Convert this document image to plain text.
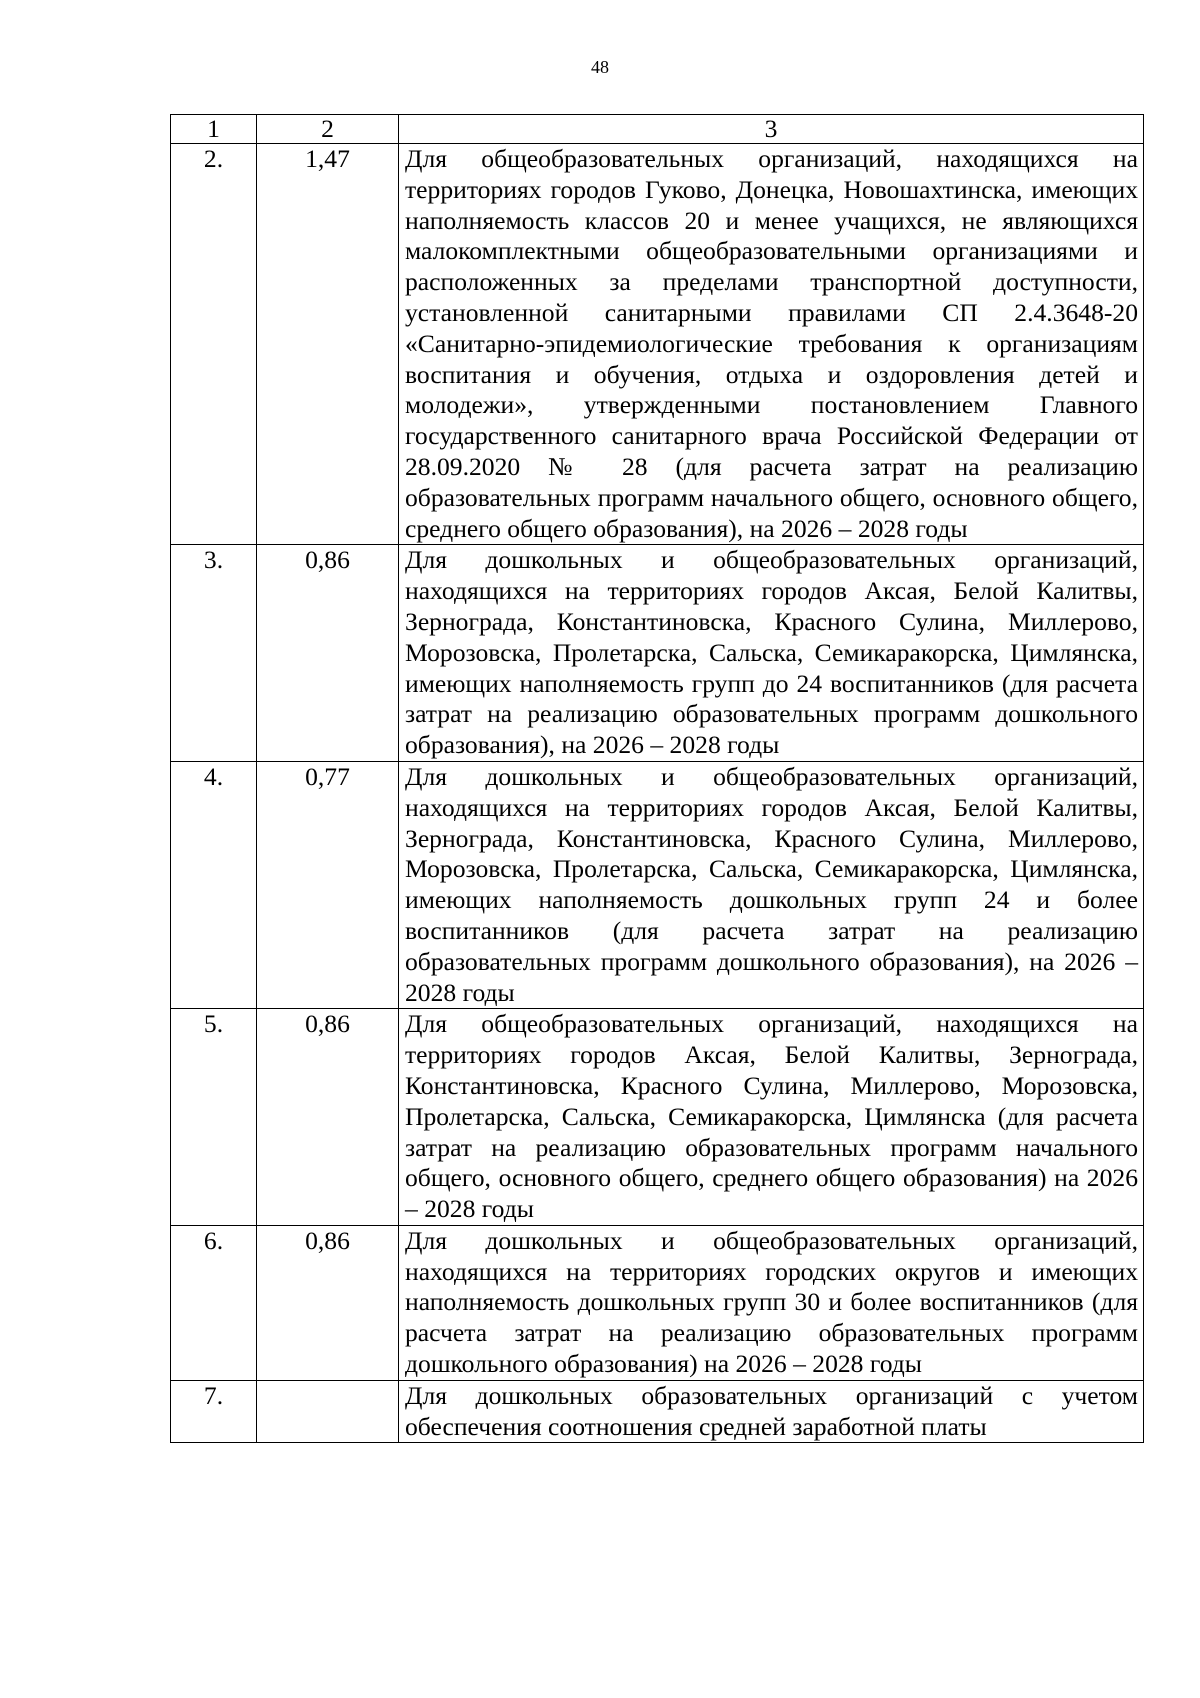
48
1	2	3
2.	1,47	Для общеобразовательных организаций, находящихся на территориях городов Гуково, Донецка, Новошахтинска, имеющих наполняемость классов 20 и менее учащихся, не являющихся малокомплектными общеобразовательными организациями и расположенных за пределами транспортной доступности, установленной санитарными правилами СП 2.4.3648-20 «Санитарно-эпидемиологические требования к организациям воспитания и обучения, отдыха и оздоровления детей и молодежи», утвержденными постановлением Главного государственного санитарного врача Российской Федерации от 28.09.2020 № 28 (для расчета затрат на реализацию образовательных программ начального общего, основного общего, среднего общего образования), на 2026 – 2028 годы
3.	0,86	Для дошкольных и общеобразовательных организаций, находящихся на территориях городов Аксая, Белой Калитвы, Зернограда, Константиновска, Красного Сулина, Миллерово, Морозовска, Пролетарска, Сальска, Семикаракорска, Цимлянска, имеющих наполняемость групп до 24 воспитанников (для расчета затрат на реализацию образовательных программ дошкольного образования), на 2026 – 2028 годы
4.	0,77	Для дошкольных и общеобразовательных организаций, находящихся на территориях городов Аксая, Белой Калитвы, Зернограда, Константиновска, Красного Сулина, Миллерово, Морозовска, Пролетарска, Сальска, Семикаракорска, Цимлянска, имеющих наполняемость дошкольных групп 24 и более воспитанников (для расчета затрат на реализацию образовательных программ дошкольного образования), на 2026 – 2028 годы
5.	0,86	Для общеобразовательных организаций, находящихся на территориях городов Аксая, Белой Калитвы, Зернограда, Константиновска, Красного Сулина, Миллерово, Морозовска, Пролетарска, Сальска, Семикаракорска, Цимлянска (для расчета затрат на реализацию образовательных программ начального общего, основного общего, среднего общего образования) на 2026 – 2028 годы
6.	0,86	Для дошкольных и общеобразовательных организаций, находящихся на территориях городских округов и имеющих наполняемость дошкольных групп 30 и более воспитанников (для расчета затрат на реализацию образовательных программ дошкольного образования) на 2026 – 2028 годы
7.		Для дошкольных образовательных организаций с учетом обеспечения соотношения средней заработной платы
